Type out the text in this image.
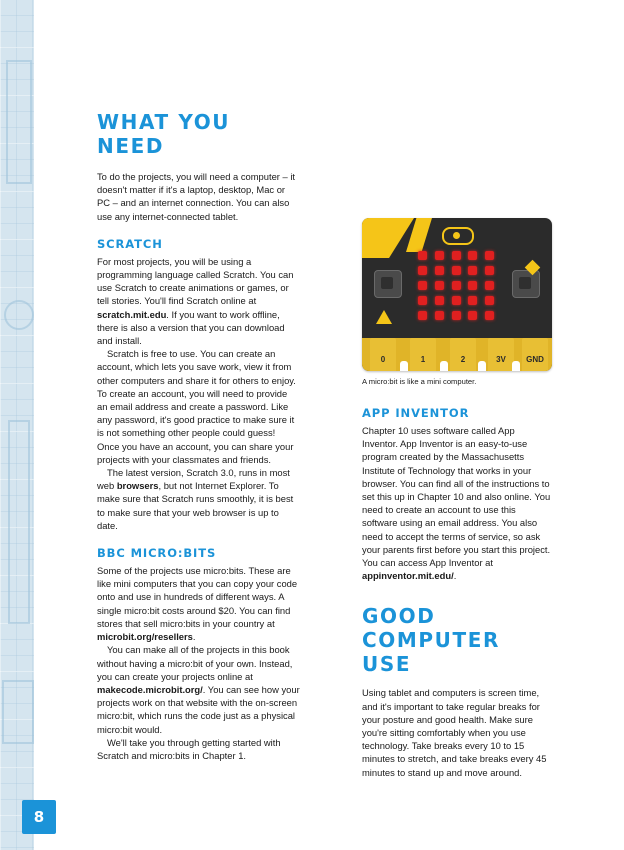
WHAT YOU NEED

To do the projects, you will need a computer – it doesn't matter if it's a laptop, desktop, Mac or PC – and an internet connection. You can also use any internet-connected tablet.

SCRATCH

For most projects, you will be using a programming language called Scratch. You can use Scratch to create animations or games, or tell stories. You'll find Scratch online at scratch.mit.edu. If you want to work offline, there is also a version that you can download and install.

Scratch is free to use. You can create an account, which lets you save work, view it from other computers and share it for others to enjoy. To create an account, you will need to provide an email address and create a password. Like any password, it's good practice to make sure it is not something other people could guess! Once you have an account, you can share your projects with your classmates and friends.

The latest version, Scratch 3.0, runs in most web browsers, but not Internet Explorer. To make sure that Scratch runs smoothly, it is best to make sure that your web browser is up to date.

BBC MICRO:BITS

Some of the projects use micro:bits. These are like mini computers that you can copy your code onto and use in hundreds of different ways. A single micro:bit costs around $20. You can find stores that sell micro:bits in your country at microbit.org/resellers.

You can make all of the projects in this book without having a micro:bit of your own. Instead, you can create your projects online at makecode.microbit.org/. You can see how your projects work on that website with the on-screen micro:bit, which runs the code just as a physical micro:bit would.

We'll take you through getting started with Scratch and micro:bits in Chapter 1.

0	1	2	3V	GND
A micro:bit is like a mini computer.
APP INVENTOR

Chapter 10 uses software called App Inventor. App Inventor is an easy-to-use program created by the Massachusetts Institute of Technology that works in your browser. You can find all of the instructions to set this up in Chapter 10 and also online. You need to create an account to use this software using an email address. You also need to accept the terms of service, so ask your parents first before you start this project. You can access App Inventor at appinventor.mit.edu/.

GOOD COMPUTER USE

Using tablet and computers is screen time, and it's important to take regular breaks for your posture and good health. Make sure you're sitting comfortably when you use technology. Take breaks every 10 to 15 minutes to stretch, and take breaks every 45 minutes to stand up and move around.

8
